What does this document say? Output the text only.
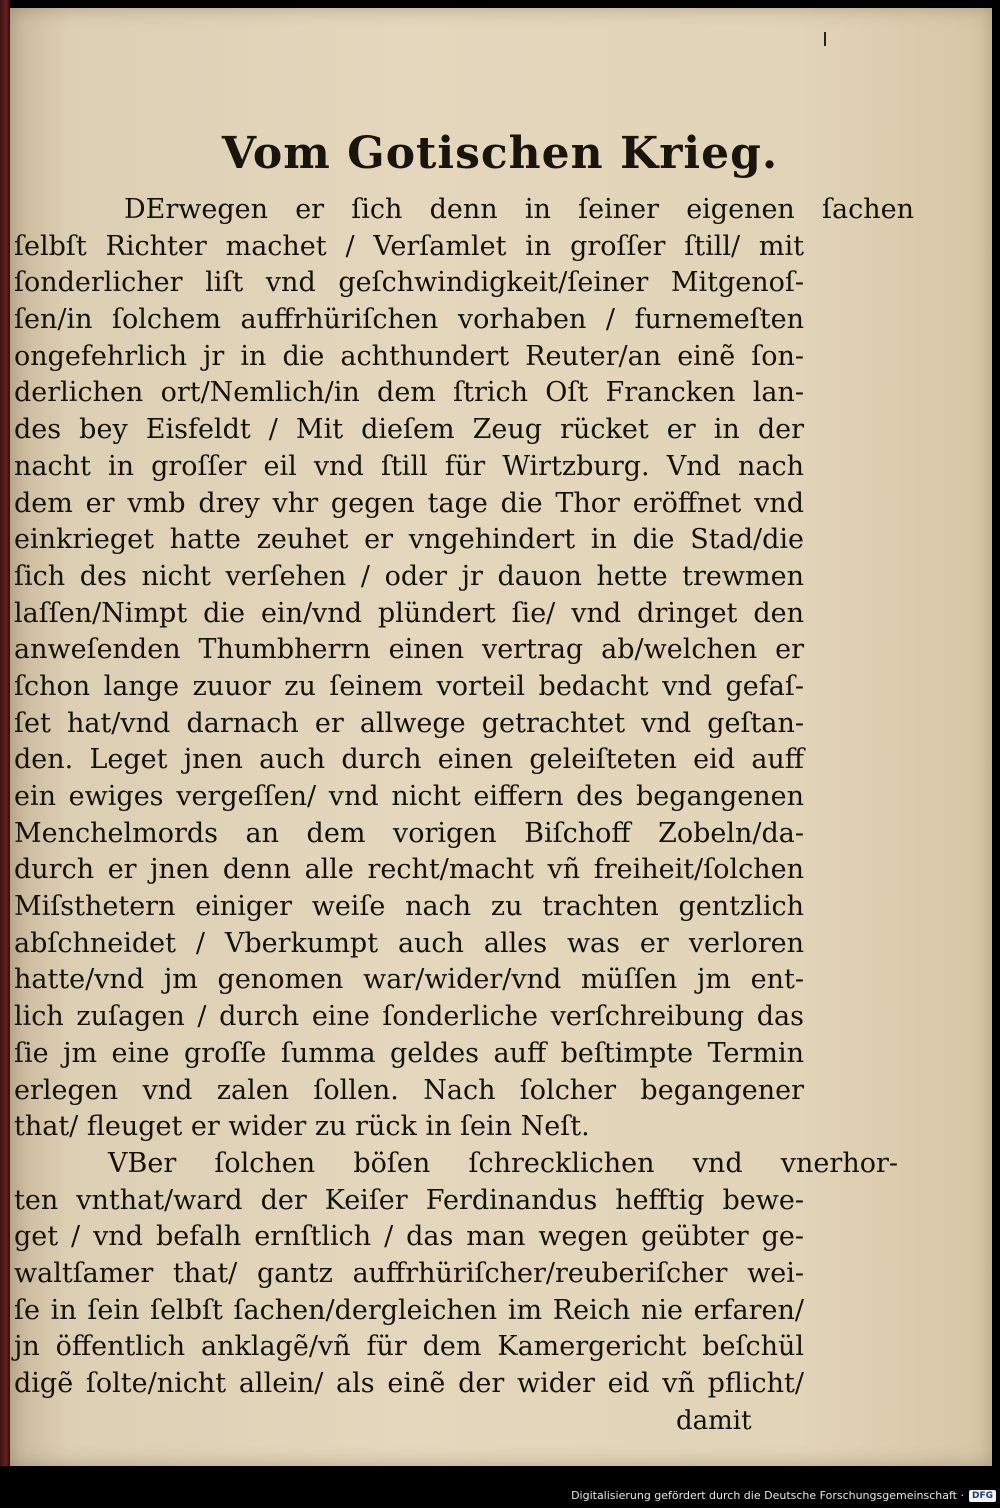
Vom Gotischen Krieg.
DErwegen er ſich denn in ſeiner eigenen ſachen
ſelbſt Richter machet / Verſamlet in groſſer ſtill/ mit
ſonderlicher liſt vnd geſchwindigkeit/ſeiner Mitgenoſ-
ſen/in ſolchem auffrhüriſchen vorhaben / furnemeſten
ongefehrlich jr in die achthundert Reuter/an einẽ ſon-
derlichen ort/Nemlich/in dem ſtrich Oſt Francken lan-
des bey Eisfeldt / Mit dieſem Zeug rücket er in der
nacht in groſſer eil vnd ſtill für Wirtzburg. Vnd nach
dem er vmb drey vhr gegen tage die Thor eröffnet vnd
einkrieget hatte zeuhet er vngehindert in die Stad/die
ſich des nicht verſehen / oder jr dauon hette trewmen
laſſen/Nimpt die ein/vnd plündert ſie/ vnd dringet den
anweſenden Thumbherrn einen vertrag ab/welchen er
ſchon lange zuuor zu ſeinem vorteil bedacht vnd gefaſ-
ſet hat/vnd darnach er allwege getrachtet vnd geſtan-
den. Leget jnen auch durch einen geleiſteten eid auff
ein ewiges vergeſſen/ vnd nicht eiffern des begangenen
Menchelmords an dem vorigen Biſchoff Zobeln/da-
durch er jnen denn alle recht/macht vñ freiheit/ſolchen
Miſsthetern einiger weiſe nach zu trachten gentzlich
abſchneidet / Vberkumpt auch alles was er verloren
hatte/vnd jm genomen war/wider/vnd müſſen jm ent-
lich zuſagen / durch eine ſonderliche verſchreibung das
ſie jm eine groſſe ſumma geldes auff beſtimpte Termin
erlegen vnd zalen ſollen. Nach ſolcher begangener
that/ fleuget er wider zu rück in ſein Neſt.
VBer ſolchen böſen ſchrecklichen vnd vnerhor-
ten vnthat/ward der Keiſer Ferdinandus hefftig bewe-
get / vnd befalh ernſtlich / das man wegen geübter ge-
waltſamer that/ gantz auffrhüriſcher/reuberiſcher wei-
ſe in ſein ſelbſt ſachen/dergleichen im Reich nie erfaren/
jn öffentlich anklagẽ/vñ für dem Kamergericht beſchül
digẽ ſolte/nicht allein/ als einẽ der wider eid vñ pflicht/
damit
Digitalisierung gefördert durch die Deutsche Forschungsgemeinschaft · DFG
